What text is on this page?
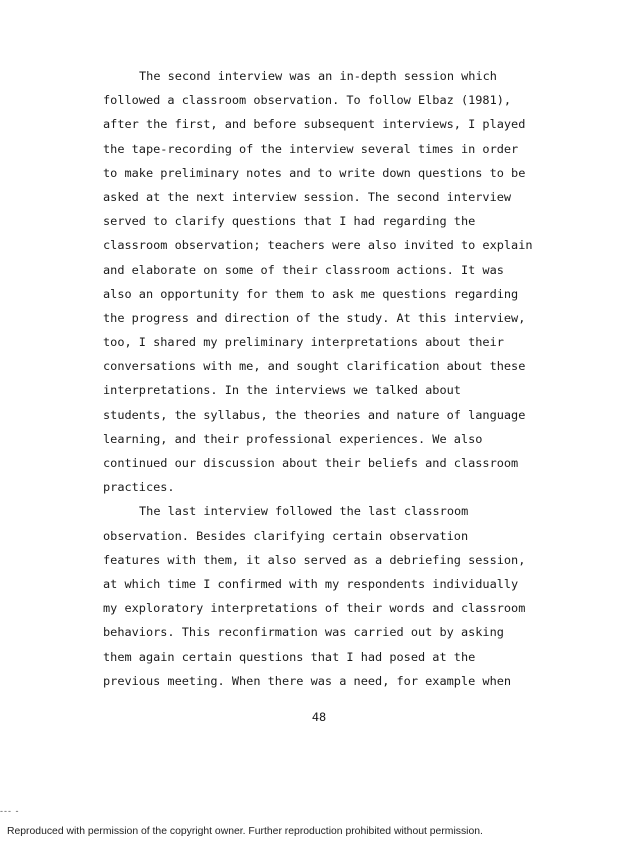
The second interview was an in-depth session which
followed a classroom observation. To follow Elbaz (1981),
after the first, and before subsequent interviews, I played
the tape-recording of the interview several times in order
to make preliminary notes and to write down questions to be
asked at the next interview session. The second interview
served to clarify questions that I had regarding the
classroom observation; teachers were also invited to explain
and elaborate on some of their classroom actions. It was
also an opportunity for them to ask me questions regarding
the progress and direction of the study. At this interview,
too, I shared my preliminary interpretations about their
conversations with me, and sought clarification about these
interpretations. In the interviews we talked about
students, the syllabus, the theories and nature of language
learning, and their professional experiences. We also
continued our discussion about their beliefs and classroom
practices.
The last interview followed the last classroom
observation. Besides clarifying certain observation
features with them, it also served as a debriefing session,
at which time I confirmed with my respondents individually
my exploratory interpretations of their words and classroom
behaviors. This reconfirmation was carried out by asking
them again certain questions that I had posed at the
previous meeting. When there was a need, for example when
48
--- -
Reproduced with permission of the copyright owner. Further reproduction prohibited without permission.
